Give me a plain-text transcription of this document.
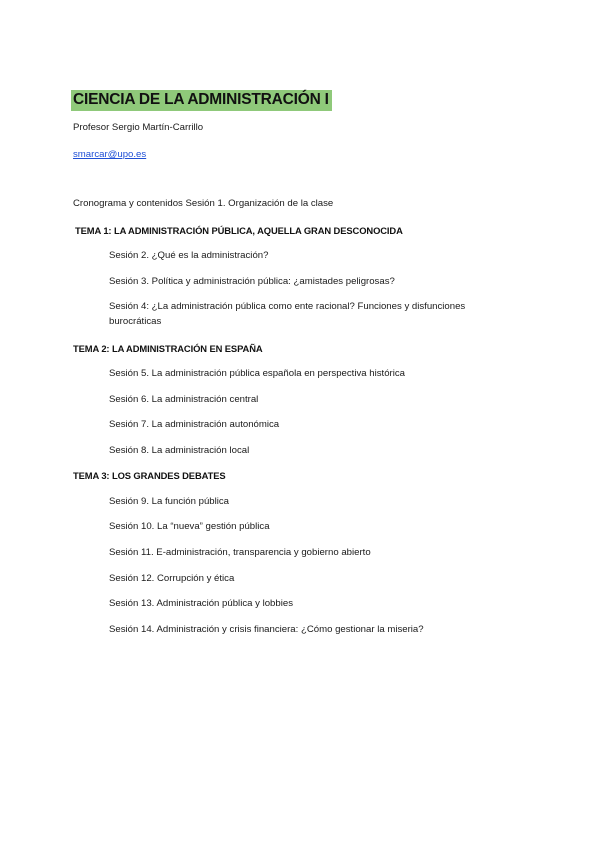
CIENCIA DE LA ADMINISTRACIÓN I
Profesor Sergio Martín-Carrillo
smarcar@upo.es
Cronograma y contenidos Sesión 1. Organización de la clase
TEMA 1: LA ADMINISTRACIÓN PÚBLICA, AQUELLA GRAN DESCONOCIDA
Sesión 2. ¿Qué es la administración?
Sesión 3. Política y administración pública: ¿amistades peligrosas?
Sesión 4: ¿La administración pública como ente racional? Funciones y disfunciones burocráticas
TEMA 2: LA ADMINISTRACIÓN EN ESPAÑA
Sesión 5. La administración pública española en perspectiva histórica
Sesión 6. La administración central
Sesión 7. La administración autonómica
Sesión 8. La administración local
TEMA 3: LOS GRANDES DEBATES
Sesión 9. La función pública
Sesión 10. La “nueva” gestión pública
Sesión 11. E-administración, transparencia y gobierno abierto
Sesión 12. Corrupción y ética
Sesión 13. Administración pública y lobbies
Sesión 14. Administración y crisis financiera: ¿Cómo gestionar la miseria?
